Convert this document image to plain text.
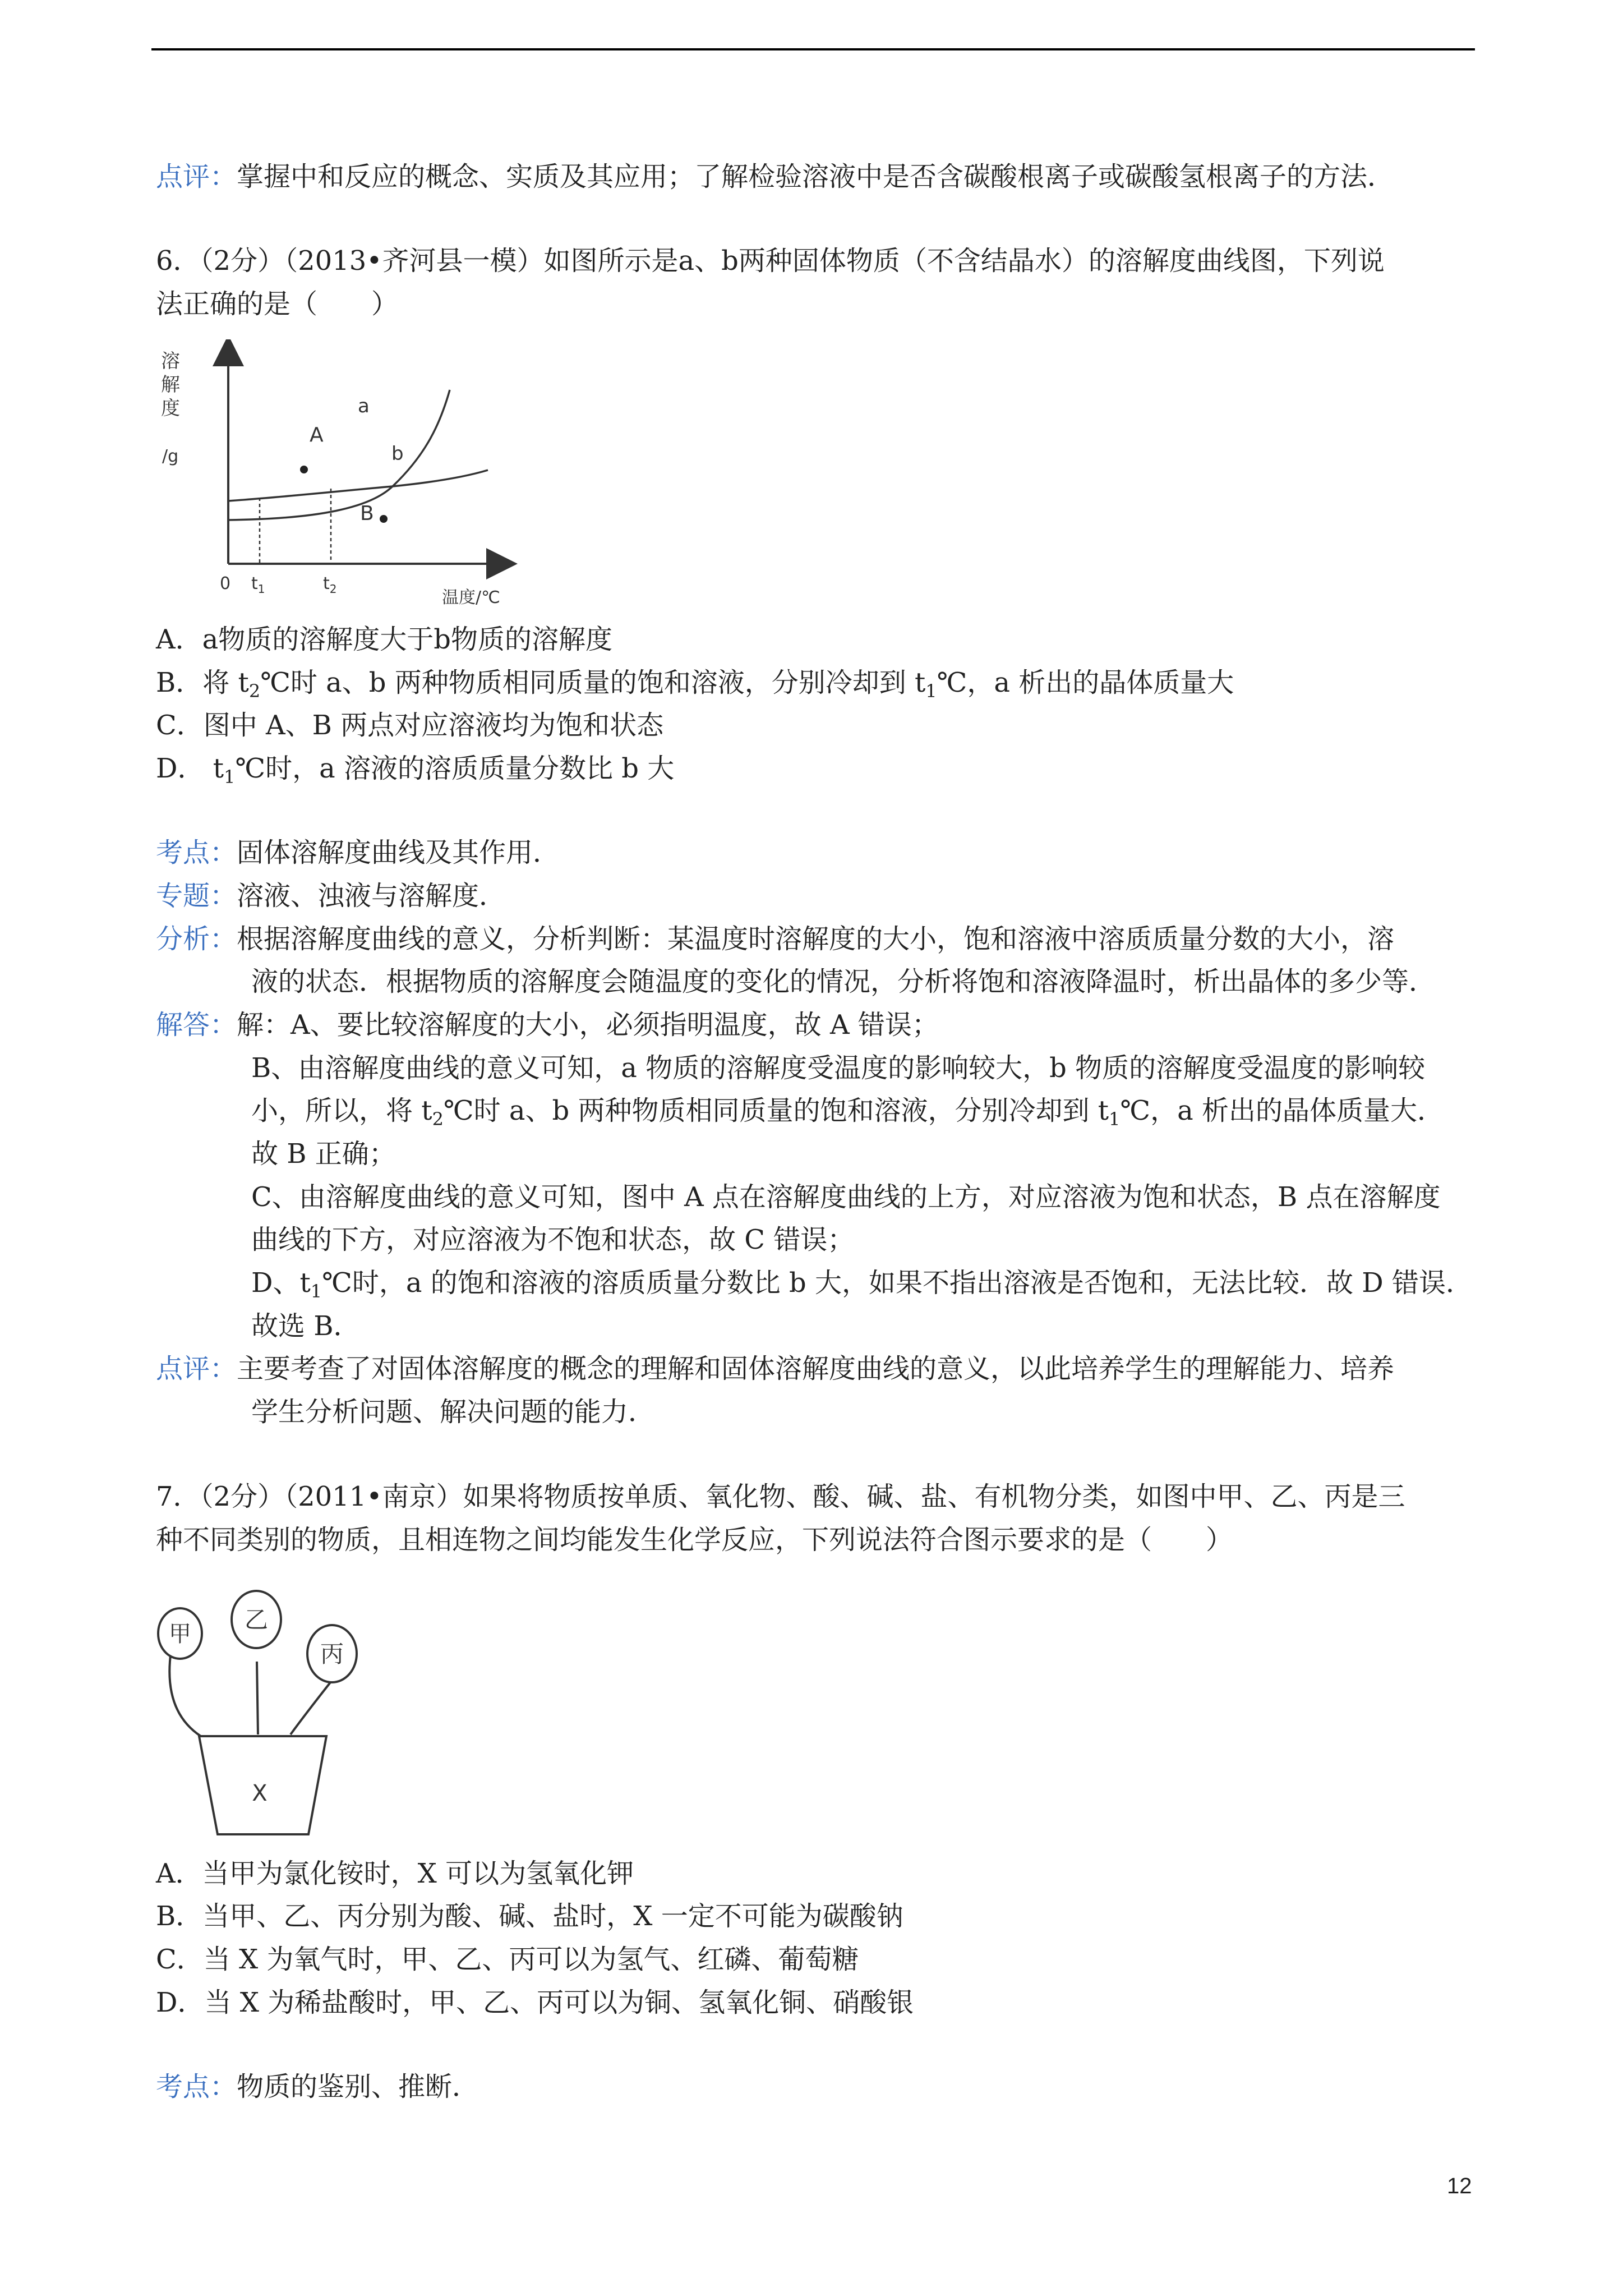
点评：掌握中和反应的概念、实质及其应用；了解检验溶液中是否含碳酸根离子或碳酸氢根离子的方法．
6．（2分）（2013•齐河县一模）如图所示是a、b两种固体物质（不含结晶水）的溶解度曲线图，下列说
法正确的是（　　）
溶
解
度
/g
a
b
A
B
0 $t_1$	$t_2$	温度/℃
A．a物质的溶解度大于b物质的溶解度
B．将 $t_2℃$时 a、b 两种物质相同质量的饱和溶液，分别冷却到 $t_1℃$，a 析出的晶体质量大
C．图中 A、B 两点对应溶液均为饱和状态
D． $t_1℃$时，a 溶液的溶质质量分数比 b 大
考点：固体溶解度曲线及其作用．
专题：溶液、浊液与溶解度．
分析：根据溶解度曲线的意义，分析判断：某温度时溶解度的大小，饱和溶液中溶质质量分数的大小，溶
液的状态．根据物质的溶解度会随温度的变化的情况，分析将饱和溶液降温时，析出晶体的多少等．
解答：解：A、要比较溶解度的大小，必须指明温度，故 A 错误；
B、由溶解度曲线的意义可知，a 物质的溶解度受温度的影响较大，b 物质的溶解度受温度的影响较
小，所以，将 $t_2℃$时 a、b 两种物质相同质量的饱和溶液，分别冷却到 $t_1℃$，a 析出的晶体质量大．
故 B 正确；
C、由溶解度曲线的意义可知，图中 A 点在溶解度曲线的上方，对应溶液为饱和状态，B 点在溶解度
曲线的下方，对应溶液为不饱和状态，故 C 错误；
D、$t_1℃$时，a 的饱和溶液的溶质质量分数比 b 大，如果不指出溶液是否饱和，无法比较．故 D 错误．
故选 B．
点评：主要考查了对固体溶解度的概念的理解和固体溶解度曲线的意义，以此培养学生的理解能力、培养
学生分析问题、解决问题的能力．
7．（2分）（2011•南京）如果将物质按单质、氧化物、酸、碱、盐、有机物分类，如图中甲、乙、丙是三
种不同类别的物质，且相连物之间均能发生化学反应，下列说法符合图示要求的是（　　）
甲
乙
丙
X
A．当甲为氯化铵时，X 可以为氢氧化钾
B．当甲、乙、丙分别为酸、碱、盐时，X 一定不可能为碳酸钠
C．当 X 为氧气时，甲、乙、丙可以为氢气、红磷、葡萄糖
D．当 X 为稀盐酸时，甲、乙、丙可以为铜、氢氧化铜、硝酸银
考点：物质的鉴别、推断．
12
